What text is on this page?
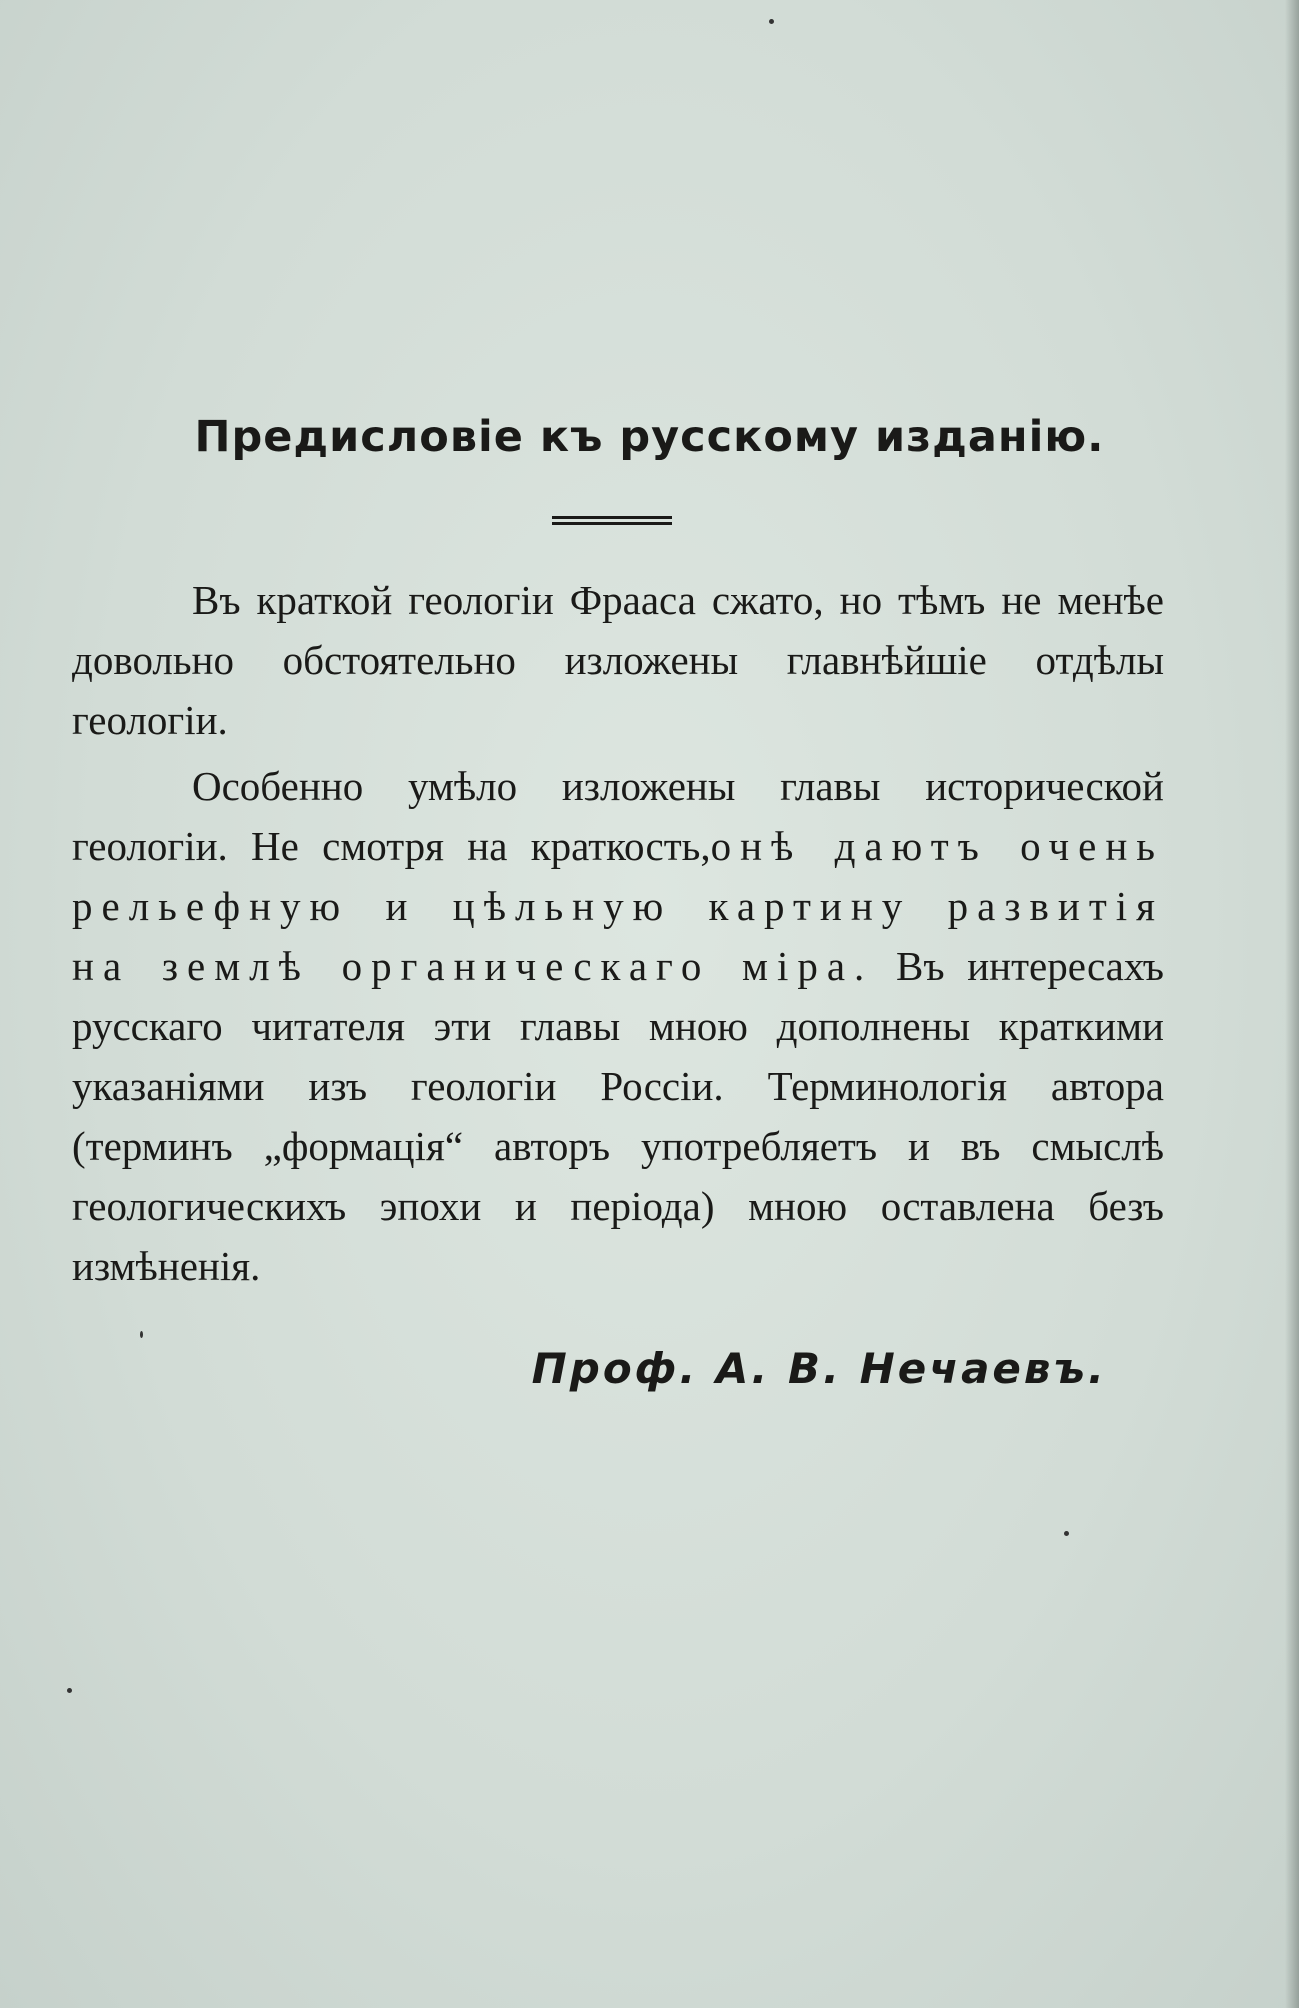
Предисловіе къ русскому изданію.

Въ краткой геологіи Фрааса сжато, но тѣмъ не менѣе довольно обстоятельно изложены главнѣйшіе отдѣлы геологіи.

Особенно умѣло изложены главы исторической геологіи. Не смотря на краткость,онѣ даютъ очень рельефную и цѣльную картину развитія на землѣ органическаго міра. Въ интересахъ русскаго читателя эти главы мною дополнены краткими указаніями изъ геологіи Россіи. Терминологія автора (терминъ „формація“ авторъ употребляетъ и въ смыслѣ геологическихъ эпохи и періода) мною оставлена безъ измѣненія.

Проф. А. В. Нечаевъ.
